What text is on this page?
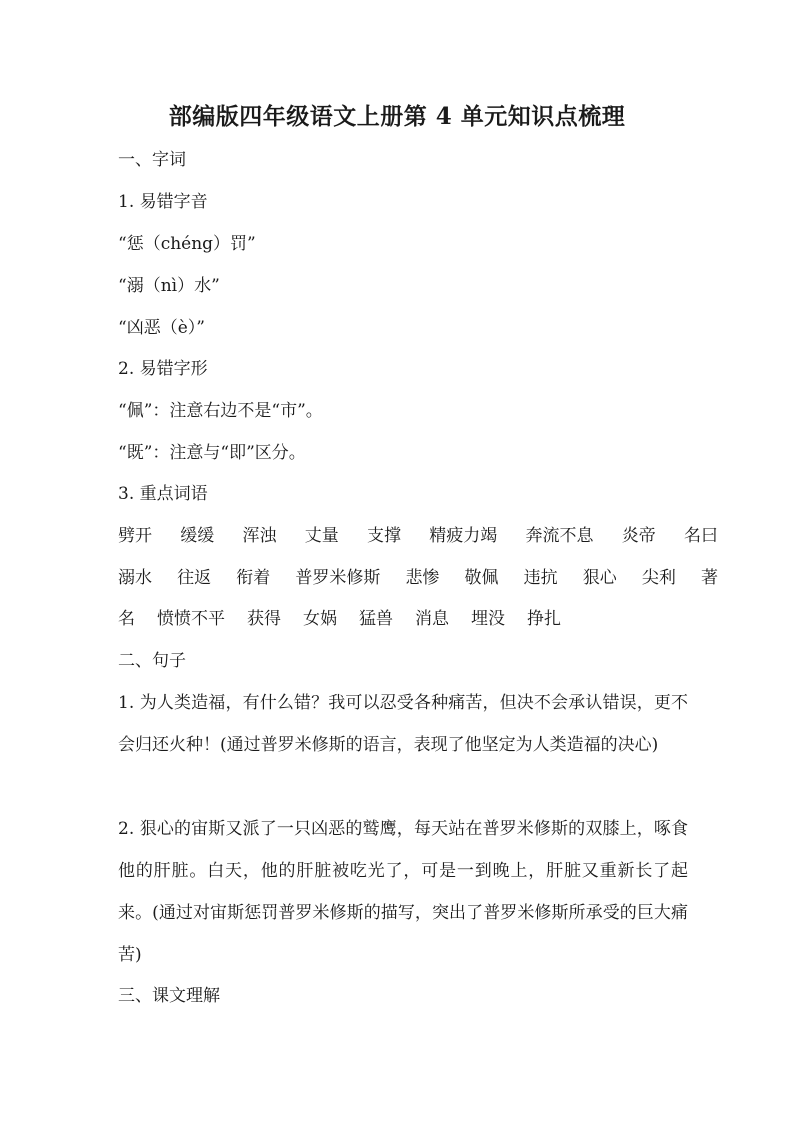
部编版四年级语文上册第 4 单元知识点梳理
一、字词
1. 易错字音
“惩（chéng）罚”
“溺（nì）水”
“凶恶（è）”
2. 易错字形
“佩”：注意右边不是“市”。
“既”：注意与“即”区分。
3. 重点词语
劈开 缓缓 浑浊 丈量 支撑 精疲力竭 奔流不息 炎帝 名曰
溺水 往返 衔着 普罗米修斯 悲惨 敬佩 违抗 狠心 尖利 著
名 愤愤不平 获得 女娲 猛兽 消息 埋没 挣扎
二、句子
1. 为人类造福，有什么错？我可以忍受各种痛苦，但决不会承认错误，更不会归还火种！(通过普罗米修斯的语言，表现了他坚定为人类造福的决心)
2. 狠心的宙斯又派了一只凶恶的鹫鹰，每天站在普罗米修斯的双膝上，啄食他的肝脏。白天，他的肝脏被吃光了，可是一到晚上，肝脏又重新长了起来。(通过对宙斯惩罚普罗米修斯的描写，突出了普罗米修斯所承受的巨大痛苦)
三、课文理解
